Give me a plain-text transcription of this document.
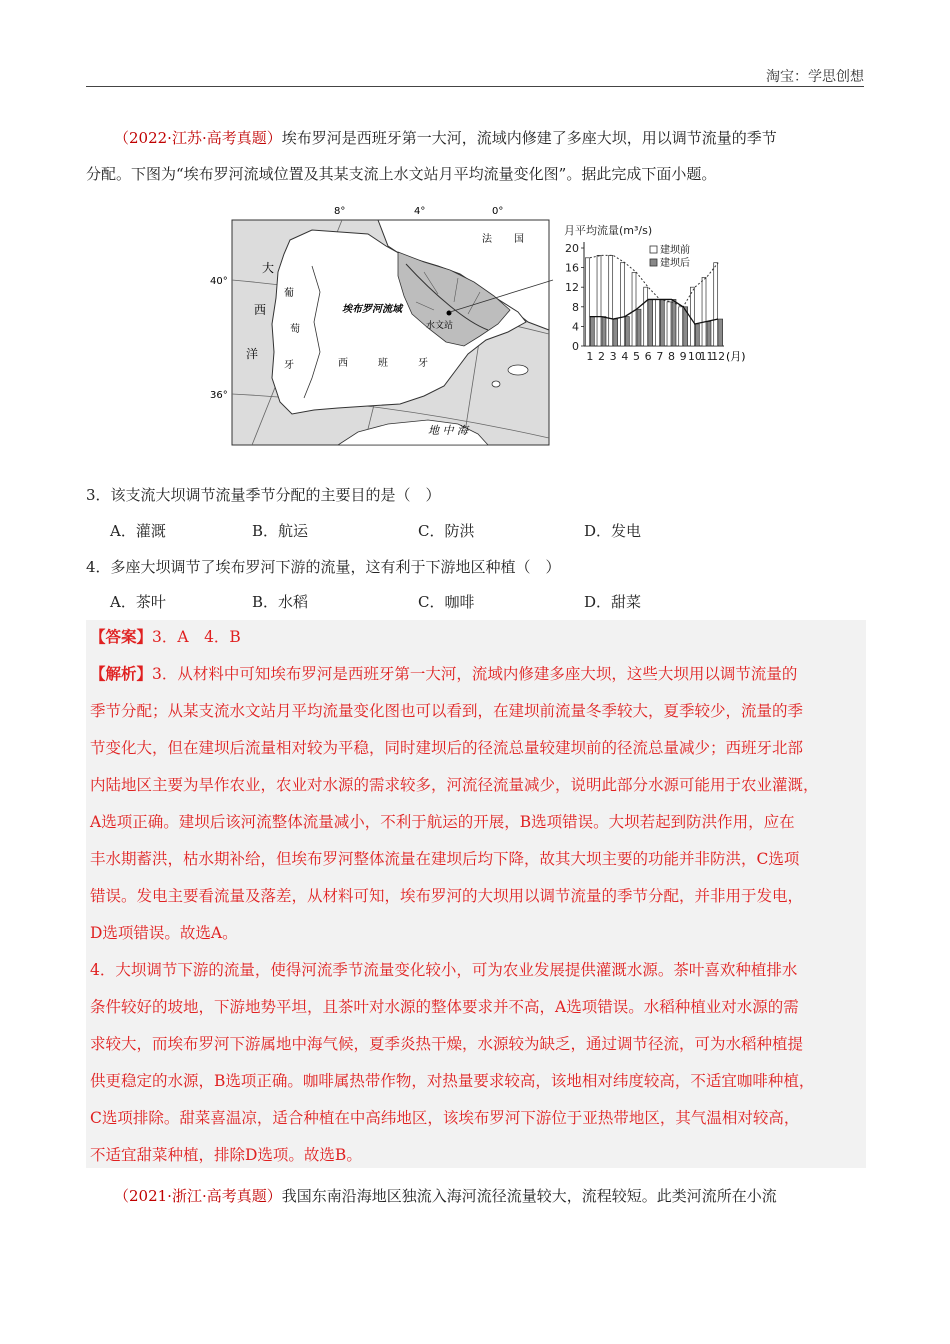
淘宝：学思创想
（2022·江苏·高考真题）埃布罗河是西班牙第一大河，流域内修建了多座大坝，用以调节流量的季节
分配。下图为“埃布罗河流域位置及其某支流上水文站月平均流量变化图”。据此完成下面小题。
8°	4°	0°
40°
36°
大
西
洋
葡
萄
牙	西	班	牙
法 国
埃布罗河流域
水文站
地 中 海
月平均流量(m³/s)
建坝前
建坝后
0
4
8
12
16
20
1 2 3 4 5 6 7 8 9 10
11
12 (月)
3．该支流大坝调节流量季节分配的主要目的是（　）
A．灌溉	B．航运	C．防洪	D．发电
4．多座大坝调节了埃布罗河下游的流量，这有利于下游地区种植（　）
A．茶叶	B．水稻	C．咖啡	D．甜菜
【答案】3．A　4．B
【解析】3．从材料中可知埃布罗河是西班牙第一大河，流域内修建多座大坝，这些大坝用以调节流量的
季节分配；从某支流水文站月平均流量变化图也可以看到，在建坝前流量冬季较大，夏季较少，流量的季
节变化大，但在建坝后流量相对较为平稳，同时建坝后的径流总量较建坝前的径流总量减少；西班牙北部
内陆地区主要为旱作农业，农业对水源的需求较多，河流径流量减少，说明此部分水源可能用于农业灌溉，
A选项正确。建坝后该河流整体流量减小，不利于航运的开展，B选项错误。大坝若起到防洪作用，应在
丰水期蓄洪，枯水期补给，但埃布罗河整体流量在建坝后均下降，故其大坝主要的功能并非防洪，C选项
错误。发电主要看流量及落差，从材料可知，埃布罗河的大坝用以调节流量的季节分配，并非用于发电，
D选项错误。故选A。
4．大坝调节下游的流量，使得河流季节流量变化较小，可为农业发展提供灌溉水源。茶叶喜欢种植排水
条件较好的坡地，下游地势平坦，且茶叶对水源的整体要求并不高，A选项错误。水稻种植业对水源的需
求较大，而埃布罗河下游属地中海气候，夏季炎热干燥，水源较为缺乏，通过调节径流，可为水稻种植提
供更稳定的水源，B选项正确。咖啡属热带作物，对热量要求较高，该地相对纬度较高，不适宜咖啡种植，
C选项排除。甜菜喜温凉，适合种植在中高纬地区，该埃布罗河下游位于亚热带地区，其气温相对较高，
不适宜甜菜种植，排除D选项。故选B。
（2021·浙江·高考真题）我国东南沿海地区独流入海河流径流量较大，流程较短。此类河流所在小流
